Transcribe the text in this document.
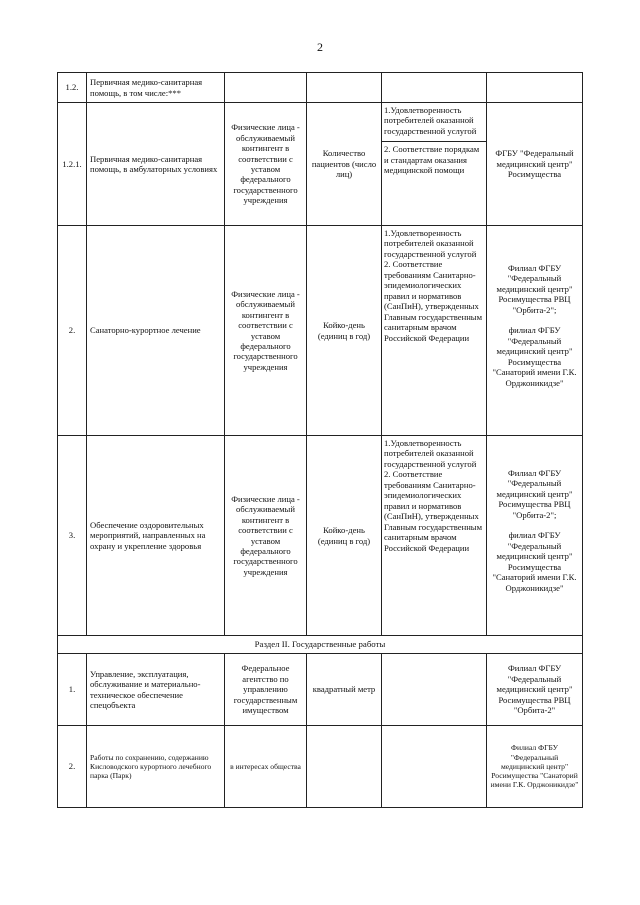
2
1.2.	Первичная медико-санитарная помощь, в том числе:***				
1.2.1.	Первичная медико-санитарная помощь, в амбулаторных условиях	Физические лица - обслуживаемый контингент в соответствии с уставом федерального государственного учреждения	Количество пациентов (число лиц)	1.Удовлетворенность потребителей оказанной государственной услугой
2. Соответствие порядкам и стандартам оказания медицинской помощи	ФГБУ "Федеральный медицинский центр" Росимущества
2.	Санаторно-курортное лечение	Физические лица - обслуживаемый контингент в соответствии с уставом федерального государственного учреждения	Койко-день (единиц в год)	1.Удовлетворенность потребителей оказанной государственной услугой
2. Соответствие требованиям Санитарно-эпидемиологических правил и нормативов (СанПиН), утвержденных Главным государственным санитарным врачом Российской Федерации	Филиал ФГБУ "Федеральный медицинский центр" Росимущества РВЦ "Орбита-2";
филиал ФГБУ "Федеральный медицинский центр" Росимущества "Санаторий имени Г.К. Орджоникидзе"

3.	Обеспечение оздоровительных мероприятий, направленных на охрану и укрепление здоровья	Физические лица - обслуживаемый контингент в соответствии с уставом федерального государственного учреждения	Койко-день (единиц в год)	1.Удовлетворенность потребителей оказанной государственной услугой
2. Соответствие требованиям Санитарно-эпидемиологических правил и нормативов (СанПиН), утвержденных Главным государственным санитарным врачом Российской Федерации	Филиал ФГБУ "Федеральный медицинский центр" Росимущества РВЦ "Орбита-2";
филиал ФГБУ "Федеральный медицинский центр" Росимущества "Санаторий имени Г.К. Орджоникидзе"

Раздел II. Государственные работы					
1.	Управление, эксплуатация, обслуживание и материально-техническое обеспечение спецобъекта	Федеральное агентство по управлению государственным имуществом	квадратный метр		Филиал ФГБУ "Федеральный медицинский центр" Росимущества РВЦ "Орбита-2"
2.	Работы по сохранению, содержанию Кисловодского курортного лечебного парка (Парк)	в интересах общества			Филиал ФГБУ "Федеральный медицинский центр" Росимущества "Санаторий имени Г.К. Орджоникидзе"
